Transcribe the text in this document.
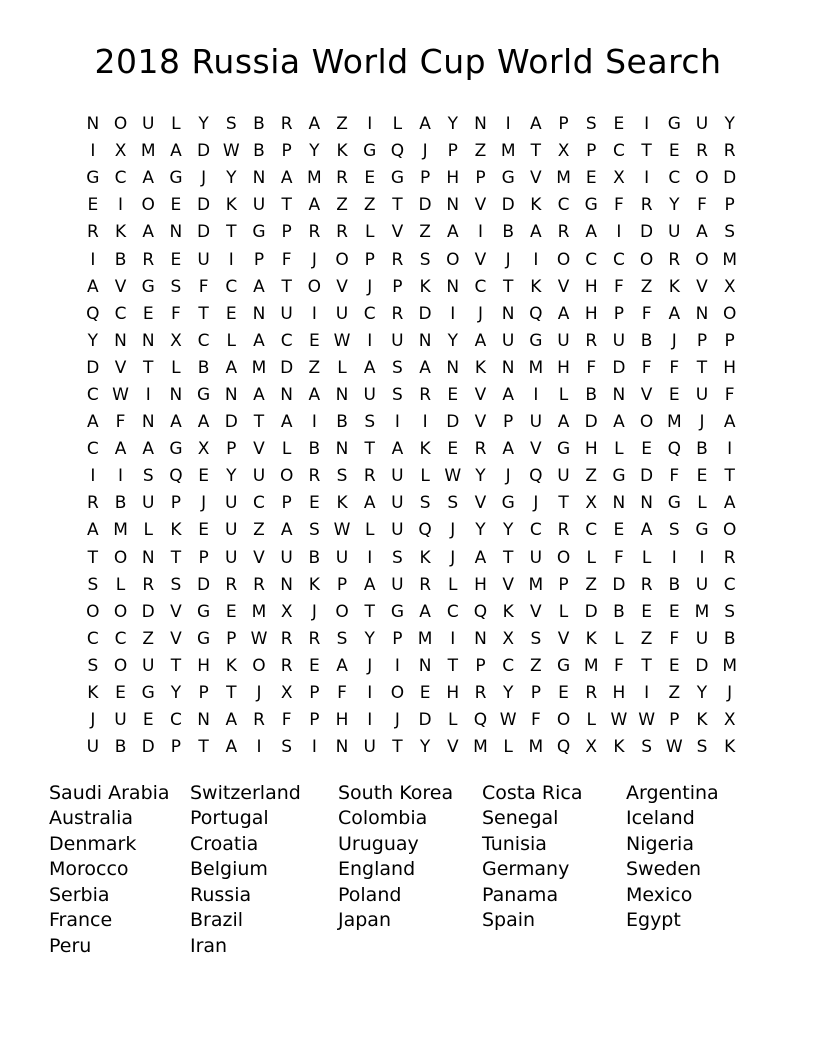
2018 Russia World Cup World Search
N O U L	Y	S B R A Z	I	L	A Y N	I	A P	S E	I	G U Y
I	X M A D W B P	Y K G Q	J	P Z M T X P C T	E R R
G C A G	J	Y N A M R E G P H P G V M E X	I	C O D
E	I	O E D K U T A Z Z T D N V D K C G F R Y	F	P
R K A N D T G P R R	L	V Z A	I	B A R A	I	D U A S
I	B R E U	I	P	F	J	O P R S O V	J	I	O C C O R O M
A V G S	F C A T O V	J	P K N C T K V H F Z K V X
Q C E	F	T	E N U	I	U C R D	I	J	N Q A H P	F A N O
Y N N X C	L	A C E W I	U N Y A U G U R U B	J	P	P
D V T	L	B A M D Z	L	A S A N K N M H F D F	F	T H
C W I	N G N A N A N U S R E V A	I	L	B N V E U F
A F N A A D T A	I	B S	I	I	D V P U A D A O M	J	A
C A A G X P V	L	B N T A K E R A V G H L	E Q B	I
I	I	S Q E	Y U O R S R U L W Y	J	Q U Z G D F	E	T
R B U P	J	U C P	E K A U S S V G	J	T X N N G L	A
A M L	K E U Z A S W L U Q	J	Y	Y C R C E A S G O
T O N T	P U V U B U	I	S K	J	A T U O L	F	L	I	I	R
S	L	R S D R R N K P A U R	L H V M P Z D R B U C
O O D V G E M X	J	O T G A C Q K V	L D B E E M S
C C Z V G P W R R S	Y	P M	I	N X S V K	L	Z F U B
S O U T H K O R E A	J	I	N T	P C Z G M F	T	E D M
K E G Y	P	T	J	X P	F	I	O E H R Y	P	E R H	I	Z Y	J
J	U E C N A R F	P H	I	J	D L Q W F O L W W P K X
U B D P	T A	I	S	I	N U T	Y V M L M Q X K S W S K
Saudi Arabia
Australia
Denmark
Morocco
Serbia
France
Peru
Switzerland
Portugal
Croatia
Belgium
Russia
Brazil
Iran
South Korea
Colombia
Uruguay
England
Poland
Japan
Costa Rica
Senegal
Tunisia
Germany
Panama
Spain
Argentina
Iceland
Nigeria
Sweden
Mexico
Egypt
